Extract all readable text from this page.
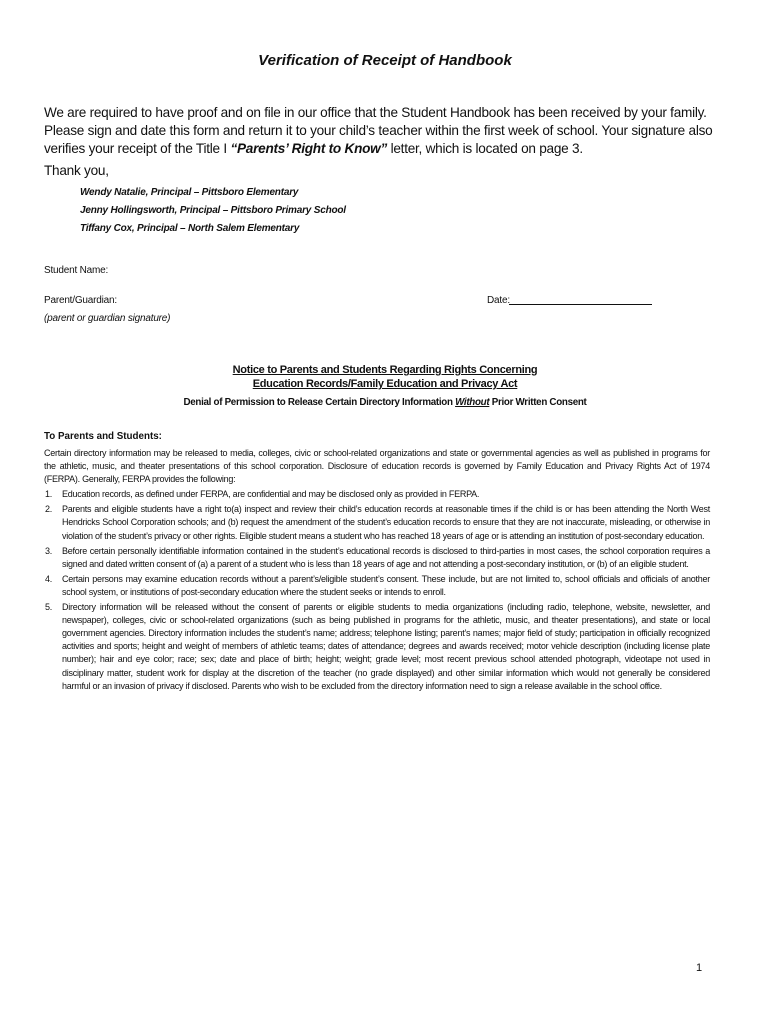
Verification of Receipt of Handbook
We are required to have proof and on file in our office that the Student Handbook has been received by your family. Please sign and date this form and return it to your child’s teacher within the first week of school. Your signature also verifies your receipt of the Title I “Parents’ Right to Know” letter, which is located on page 3.
Thank you,
Wendy Natalie, Principal – Pittsboro Elementary
Jenny Hollingsworth, Principal – Pittsboro Primary School
Tiffany Cox, Principal – North Salem Elementary
Student Name:
Parent/Guardian:
(parent or guardian signature)
Date:
Notice to Parents and Students Regarding Rights Concerning
Education Records/Family Education and Privacy Act
Denial of Permission to Release Certain Directory Information Without Prior Written Consent
To Parents and Students:

Certain directory information may be released to media, colleges, civic or school-related organizations and state or governmental agencies as well as published in programs for the athletic, music, and theater presentations of this school corporation. Disclosure of education records is governed by Family Education and Privacy Rights Act of 1974 (FERPA). Generally, FERPA provides the following:

1. Education records, as defined under FERPA, are confidential and may be disclosed only as provided in FERPA.
2. Parents and eligible students have a right to(a) inspect and review their child’s education records at reasonable times if the child is or has been attending the North West Hendricks School Corporation schools; and (b) request the amendment of the student’s education records to ensure that they are not inaccurate, misleading, or otherwise in violation of the student’s privacy or other rights. Eligible student means a student who has reached 18 years of age or is attending an institution of post-secondary education.
3. Before certain personally identifiable information contained in the student’s educational records is disclosed to third-parties in most cases, the school corporation requires a signed and dated written consent of (a) a parent of a student who is less than 18 years of age and not attending a post-secondary institution, or (b) of an eligible student.
4. Certain persons may examine education records without a parent’s/eligible student’s consent. These include, but are not limited to, school officials and officials of another school system, or institutions of post-secondary education where the student seeks or intends to enroll.
5. Directory information will be released without the consent of parents or eligible students to media organizations (including radio, telephone, website, newsletter, and newspaper), colleges, civic or school-related organizations (such as being published in programs for the athletic, music, and theater presentations), and state or local government agencies. Directory information includes the student’s name; address; telephone listing; parent’s names; major field of study; participation in officially recognized activities and sports; height and weight of members of athletic teams; dates of attendance; degrees and awards received; motor vehicle description (including license plate number); hair and eye color; race; sex; date and place of birth; height; weight; grade level; most recent previous school attended photograph, videotape not used in disciplinary matter, student work for display at the discretion of the teacher (no grade displayed) and other similar information which would not generally be considered harmful or an invasion of privacy if disclosed. Parents who wish to be excluded from the directory information need to sign a release available in the school office.
1
